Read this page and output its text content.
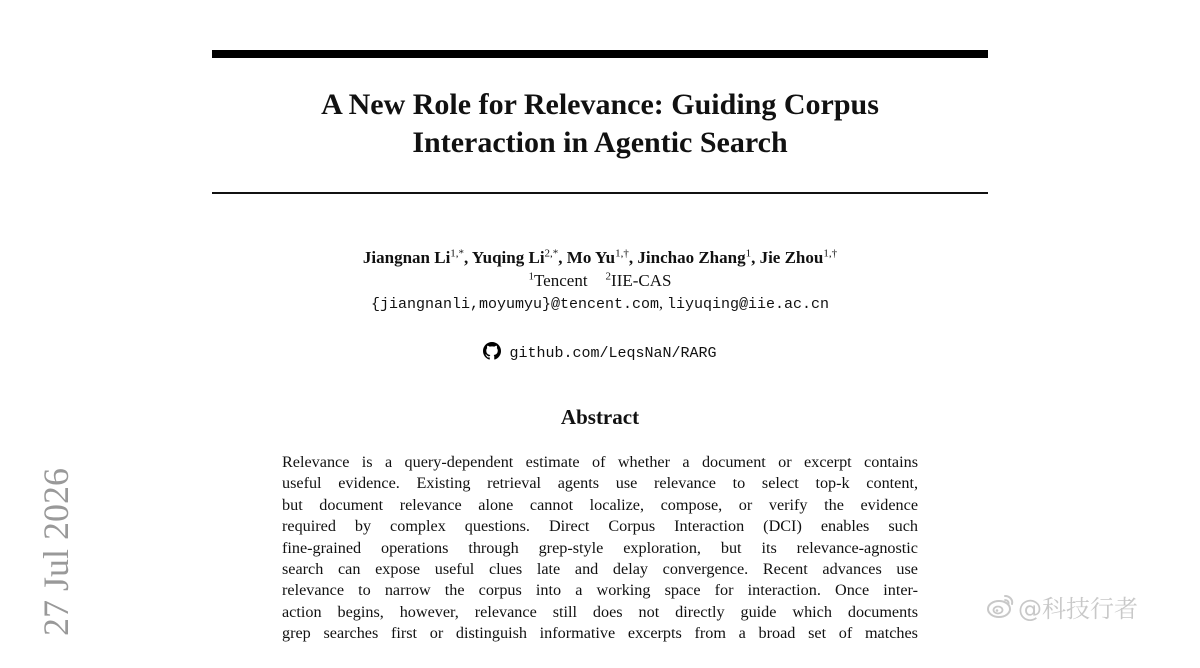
A New Role for Relevance: Guiding Corpus
Interaction in Agentic Search
Jiangnan $Li^{1,*}$, Yuqing $Li^{2,*}$, Mo $Yu^{1,\dagger}$, Jinchao Zhang$^1$, Jie Zhou$^{1,\dagger}$
$^1$Tencent $^2$IIE-CAS
{jiangnanli,moyumyu}@tencent.com, liyuqing@iie.ac.cn
github.com/LeqsNaN/RARG
Abstract
Relevance is a query-dependent estimate of whether a document or excerpt contains
useful evidence. Existing retrieval agents use relevance to select top-k content,
but document relevance alone cannot localize, compose, or verify the evidence
required by complex questions. Direct Corpus Interaction (DCI) enables such
fine-grained operations through grep-style exploration, but its relevance-agnostic
search can expose useful clues late and delay convergence. Recent advances use
relevance to narrow the corpus into a working space for interaction. Once inter-
action begins, however, relevance still does not directly guide which documents
grep searches first or distinguish informative excerpts from a broad set of matches
27 Jul 2026	@科技行者
